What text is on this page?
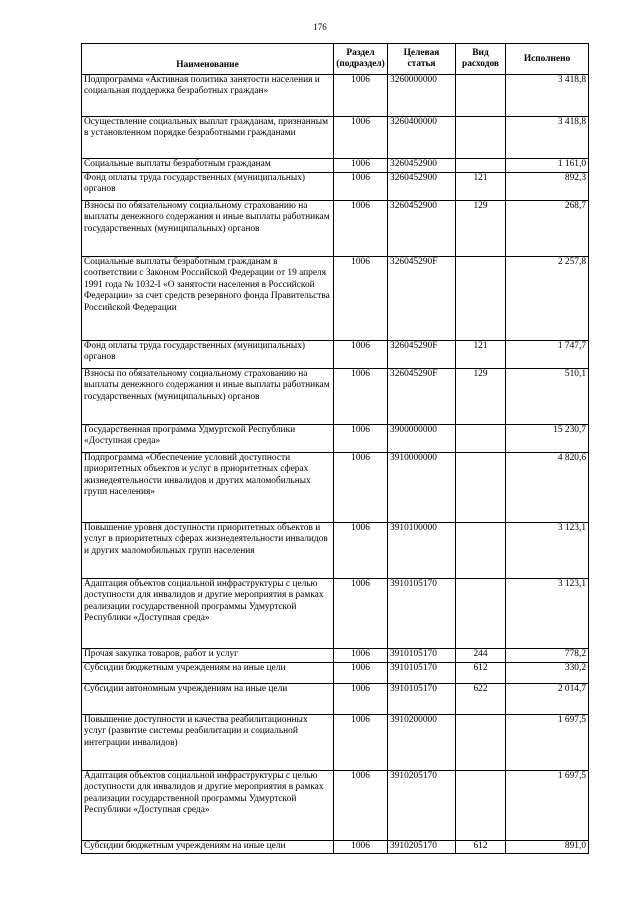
176
Наименование	Раздел (подраздел)	Целевая статья	Вид расходов	Исполнено
Подпрограмма «Активная политика занятости населения и социальная поддержка безработных граждан»	1006	3260000000		3 418,8
Осуществление социальных выплат гражданам, признанным в установленном порядке безработными гражданами	1006	3260400000		3 418,8
Социальные выплаты безработным гражданам	1006	3260452900		1 161,0
Фонд оплаты труда государственных (муниципальных) органов	1006	3260452900	121	892,3
Взносы по обязательному социальному страхованию на выплаты денежного содержания и иные выплаты работникам государственных (муниципальных) органов	1006	3260452900	129	268,7
Социальные выплаты безработным гражданам в соответствии с Законом Российской Федерации от 19 апреля 1991 года № 1032-I «О занятости населения в Российской Федерации» за счет средств резервного фонда Правительства Российской Федерации	1006	326045290F		2 257,8
Фонд оплаты труда государственных (муниципальных) органов	1006	326045290F	121	1 747,7
Взносы по обязательному социальному страхованию на выплаты денежного содержания и иные выплаты работникам государственных (муниципальных) органов	1006	326045290F	129	510,1
Государственная программа Удмуртской Республики «Доступная среда»	1006	3900000000		15 230,7
Подпрограмма «Обеспечение условий доступности приоритетных объектов и услуг в приоритетных сферах жизнедеятельности инвалидов и других маломобильных групп населения»	1006	3910000000		4 820,6
Повышение уровня доступности приоритетных объектов и услуг в приоритетных сферах жизнедеятельности инвалидов и других маломобильных групп населения	1006	3910100000		3 123,1
Адаптация объектов социальной инфраструктуры с целью доступности для инвалидов и другие мероприятия в рамках реализации государственной программы Удмуртской Республики «Доступная среда»	1006	3910105170		3 123,1
Прочая закупка товаров, работ и услуг	1006	3910105170	244	778,2
Субсидии бюджетным учреждениям на иные цели	1006	3910105170	612	330,2
Субсидии автономным учреждениям на иные цели	1006	3910105170	622	2 014,7
Повышение доступности и качества реабилитационных услуг (развитие системы реабилитации и социальной интеграции инвалидов)	1006	3910200000		1 697,5
Адаптация объектов социальной инфраструктуры с целью доступности для инвалидов и другие мероприятия в рамках реализации государственной программы Удмуртской Республики «Доступная среда»	1006	3910205170		1 697,5
Субсидии бюджетным учреждениям на иные цели	1006	3910205170	612	891,0
